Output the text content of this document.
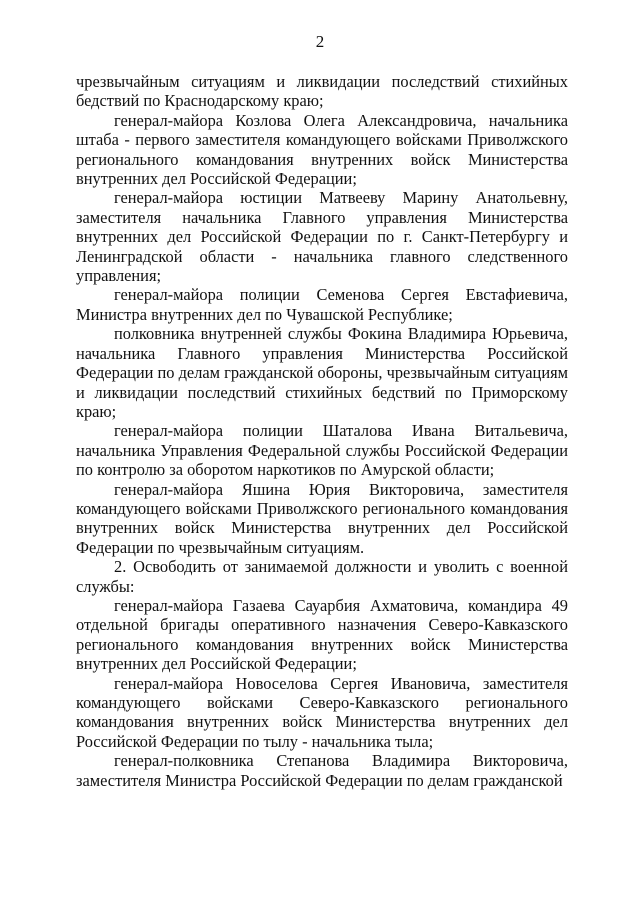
2

чрезвычайным ситуациям и ликвидации последствий стихийных бедствий по Краснодарскому краю;

генерал-майора Козлова Олега Александровича, начальника штаба - первого заместителя командующего войсками Приволжского регионального командования внутренних войск Министерства внутренних дел Российской Федерации;

генерал-майора юстиции Матвееву Марину Анатольевну, заместителя начальника Главного управления Министерства внутренних дел Российской Федерации по г. Санкт-Петербургу и Ленинградской области - начальника главного следственного управления;

генерал-майора полиции Семенова Сергея Евстафиевича, Министра внутренних дел по Чувашской Республике;

полковника внутренней службы Фокина Владимира Юрьевича, начальника Главного управления Министерства Российской Федерации по делам гражданской обороны, чрезвычайным ситуациям и ликвидации последствий стихийных бедствий по Приморскому краю;

генерал-майора полиции Шаталова Ивана Витальевича, начальника Управления Федеральной службы Российской Федерации по контролю за оборотом наркотиков по Амурской области;

генерал-майора Яшина Юрия Викторовича, заместителя командующего войсками Приволжского регионального командования внутренних войск Министерства внутренних дел Российской Федерации по чрезвычайным ситуациям.

2. Освободить от занимаемой должности и уволить с военной службы:

генерал-майора Газаева Сауарбия Ахматовича, командира 49 отдельной бригады оперативного назначения Северо-Кавказского регионального командования внутренних войск Министерства внутренних дел Российской Федерации;

генерал-майора Новоселова Сергея Ивановича, заместителя командующего войсками Северо-Кавказского регионального командования внутренних войск Министерства внутренних дел Российской Федерации по тылу - начальника тыла;

генерал-полковника Степанова Владимира Викторовича, заместителя Министра Российской Федерации по делам гражданской
